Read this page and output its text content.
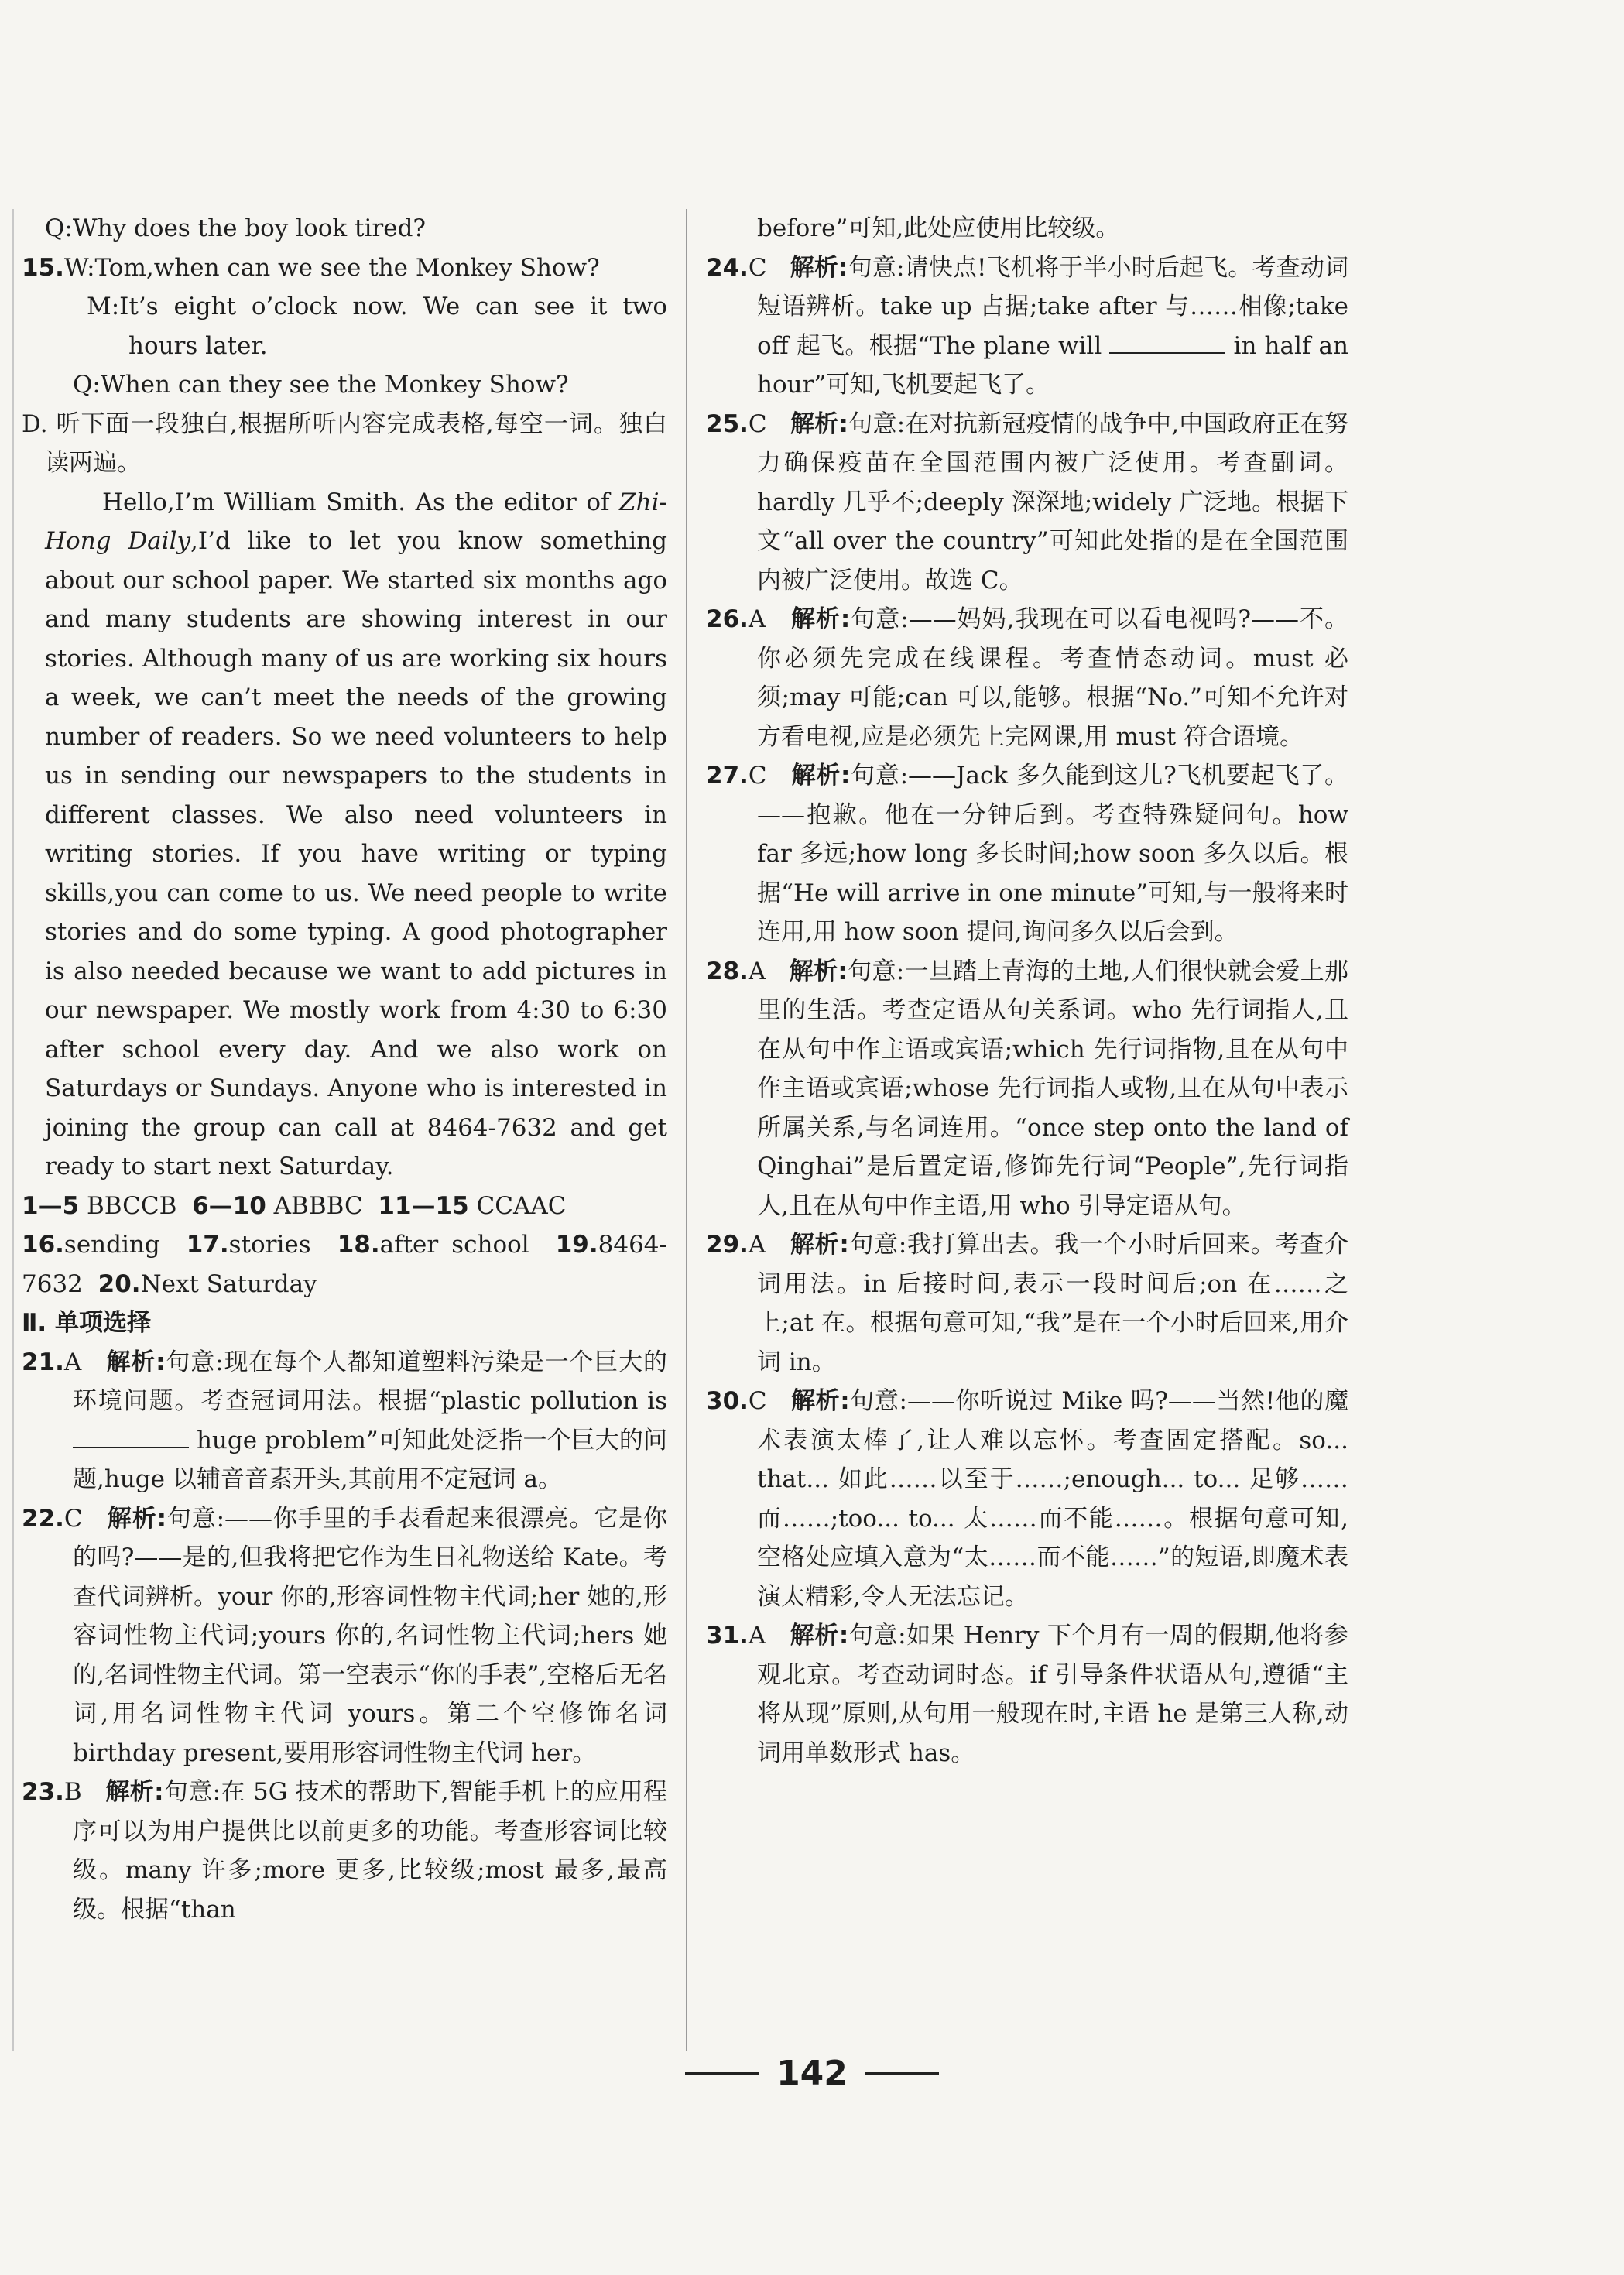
Q:Why does the boy look tired?

15.W:Tom,when can we see the Monkey Show?

M:It’s eight o’clock now. We can see it two hours later.

Q:When can they see the Monkey Show?

D. 听下面一段独白,根据所听内容完成表格,每空一词。独白读两遍。

Hello,I’m William Smith. As the editor of Zhi-Hong Daily,I’d like to let you know something about our school paper. We started six months ago and many students are showing interest in our stories. Although many of us are working six hours a week, we can’t meet the needs of the growing number of readers. So we need volunteers to help us in sending our newspapers to the students in different classes. We also need volunteers in writing stories. If you have writing or typing skills,you can come to us. We need people to write stories and do some typing. A good photographer is also needed because we want to add pictures in our newspaper. We mostly work from 4:30 to 6:30 after school every day. And we also work on Saturdays or Sundays. Anyone who is interested in joining the group can call at 8464-7632 and get ready to start next Saturday.

1—5 BBCCB 6—10 ABBBC 11—15 CCAAC

16.sending 17.stories 18.after school 19.8464-7632 20.Next Saturday

Ⅱ. 单项选择

21.A 解析:句意:现在每个人都知道塑料污染是一个巨大的环境问题。考查冠词用法。根据“plastic pollution is  huge problem”可知此处泛指一个巨大的问题,huge 以辅音音素开头,其前用不定冠词 a。

22.C 解析:句意:——你手里的手表看起来很漂亮。它是你的吗?——是的,但我将把它作为生日礼物送给 Kate。考查代词辨析。your 你的,形容词性物主代词;her 她的,形容词性物主代词;yours 你的,名词性物主代词;hers 她的,名词性物主代词。第一空表示“你的手表”,空格后无名词,用名词性物主代词 yours。第二个空修饰名词 birthday present,要用形容词性物主代词 her。

23.B 解析:句意:在 5G 技术的帮助下,智能手机上的应用程序可以为用户提供比以前更多的功能。考查形容词比较级。many 许多;more 更多,比较级;most 最多,最高级。根据“than

before”可知,此处应使用比较级。

24.C 解析:句意:请快点!飞机将于半小时后起飞。考查动词短语辨析。take up 占据;take after 与……相像;take off 起飞。根据“The plane will	in half an hour”可知,飞机要起飞了。

25.C 解析:句意:在对抗新冠疫情的战争中,中国政府正在努力确保疫苗在全国范围内被广泛使用。考查副词。hardly 几乎不;deeply 深深地;widely 广泛地。根据下文“all over the country”可知此处指的是在全国范围内被广泛使用。故选 C。

26.A 解析:句意:——妈妈,我现在可以看电视吗?——不。你必须先完成在线课程。考查情态动词。must 必须;may 可能;can 可以,能够。根据“No.”可知不允许对方看电视,应是必须先上完网课,用 must 符合语境。

27.C 解析:句意:——Jack 多久能到这儿?飞机要起飞了。——抱歉。他在一分钟后到。考查特殊疑问句。how far 多远;how long 多长时间;how soon 多久以后。根据“He will arrive in one minute”可知,与一般将来时连用,用 how soon 提问,询问多久以后会到。

28.A 解析:句意:一旦踏上青海的土地,人们很快就会爱上那里的生活。考查定语从句关系词。who 先行词指人,且在从句中作主语或宾语;which 先行词指物,且在从句中作主语或宾语;whose 先行词指人或物,且在从句中表示所属关系,与名词连用。“once step onto the land of Qinghai”是后置定语,修饰先行词“People”,先行词指人,且在从句中作主语,用 who 引导定语从句。

29.A 解析:句意:我打算出去。我一个小时后回来。考查介词用法。in 后接时间,表示一段时间后;on 在……之上;at 在。根据句意可知,“我”是在一个小时后回来,用介词 in。

30.C 解析:句意:——你听说过 Mike 吗?——当然!他的魔术表演太棒了,让人难以忘怀。考查固定搭配。so... that... 如此……以至于……;enough... to... 足够……而……;too... to... 太……而不能……。根据句意可知,空格处应填入意为“太……而不能……”的短语,即魔术表演太精彩,令人无法忘记。

31.A 解析:句意:如果 Henry 下个月有一周的假期,他将参观北京。考查动词时态。if 引导条件状语从句,遵循“主将从现”原则,从句用一般现在时,主语 he 是第三人称,动词用单数形式 has。

142
